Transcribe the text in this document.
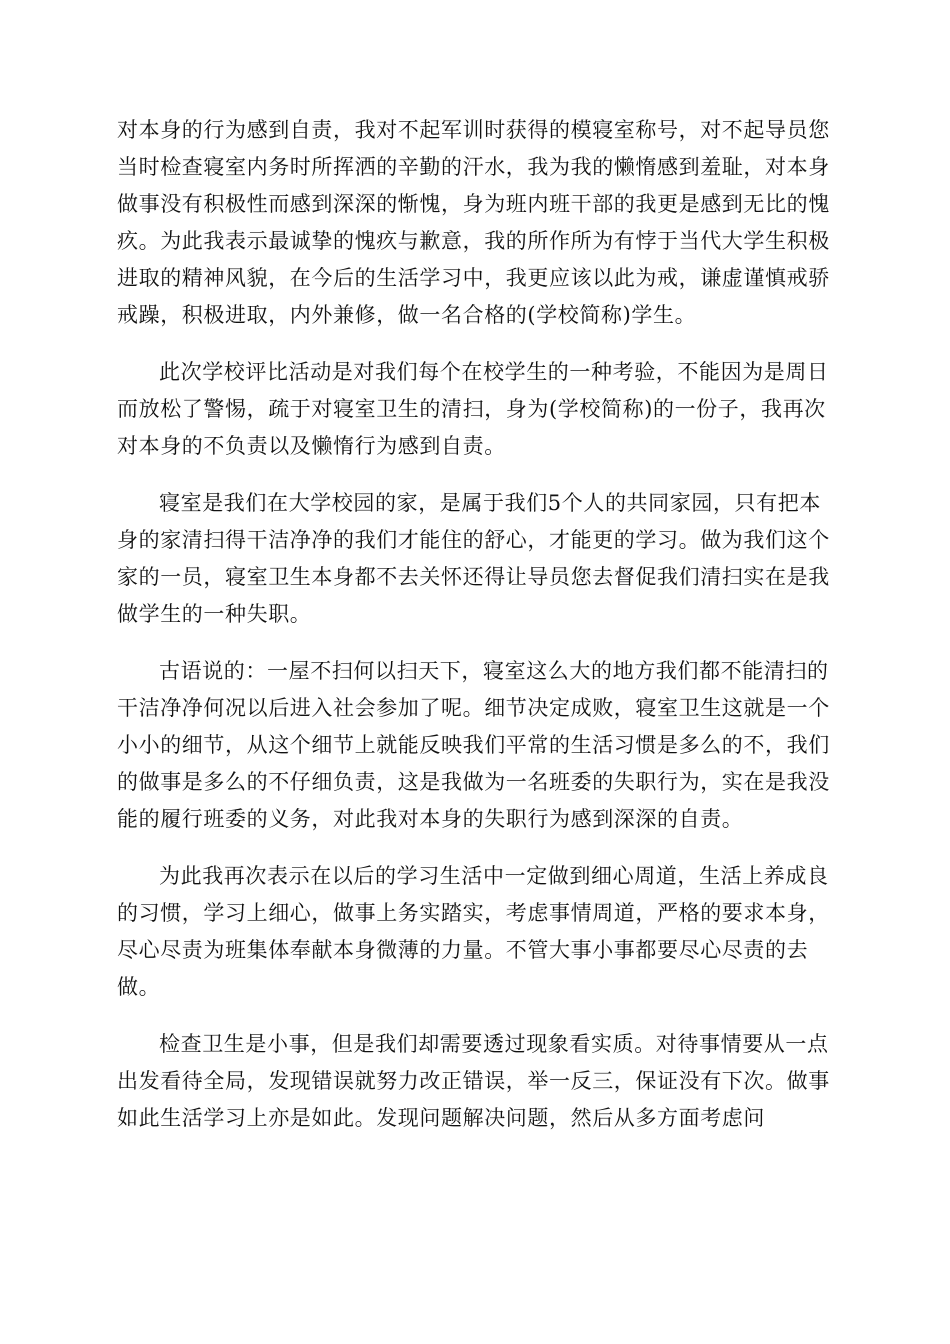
对本身的行为感到自责，我对不起军训时获得的模寝室称号，对不起导员您当时检查寝室内务时所挥洒的辛勤的汗水，我为我的懒惰感到羞耻，对本身做事没有积极性而感到深深的惭愧，身为班内班干部的我更是感到无比的愧疚。为此我表示最诚挚的愧疚与歉意，我的所作所为有悖于当代大学生积极进取的精神风貌，在今后的生活学习中，我更应该以此为戒，谦虚谨慎戒骄戒躁，积极进取，内外兼修，做一名合格的(学校简称)学生。

此次学校评比活动是对我们每个在校学生的一种考验，不能因为是周日而放松了警惕，疏于对寝室卫生的清扫，身为(学校简称)的一份子，我再次对本身的不负责以及懒惰行为感到自责。

寝室是我们在大学校园的家，是属于我们5个人的共同家园，只有把本身的家清扫得干洁净净的我们才能住的舒心，才能更的学习。做为我们这个家的一员，寝室卫生本身都不去关怀还得让导员您去督促我们清扫实在是我做学生的一种失职。

古语说的：一屋不扫何以扫天下，寝室这么大的地方我们都不能清扫的干洁净净何况以后进入社会参加了呢。细节决定成败，寝室卫生这就是一个小小的细节，从这个细节上就能反映我们平常的生活习惯是多么的不，我们的做事是多么的不仔细负责，这是我做为一名班委的失职行为，实在是我没能的履行班委的义务，对此我对本身的失职行为感到深深的自责。

为此我再次表示在以后的学习生活中一定做到细心周道，生活上养成良的习惯，学习上细心，做事上务实踏实，考虑事情周道，严格的要求本身，尽心尽责为班集体奉献本身微薄的力量。不管大事小事都要尽心尽责的去做。

检查卫生是小事，但是我们却需要透过现象看实质。对待事情要从一点出发看待全局，发现错误就努力改正错误，举一反三，保证没有下次。做事如此生活学习上亦是如此。发现问题解决问题，然后从多方面考虑问
